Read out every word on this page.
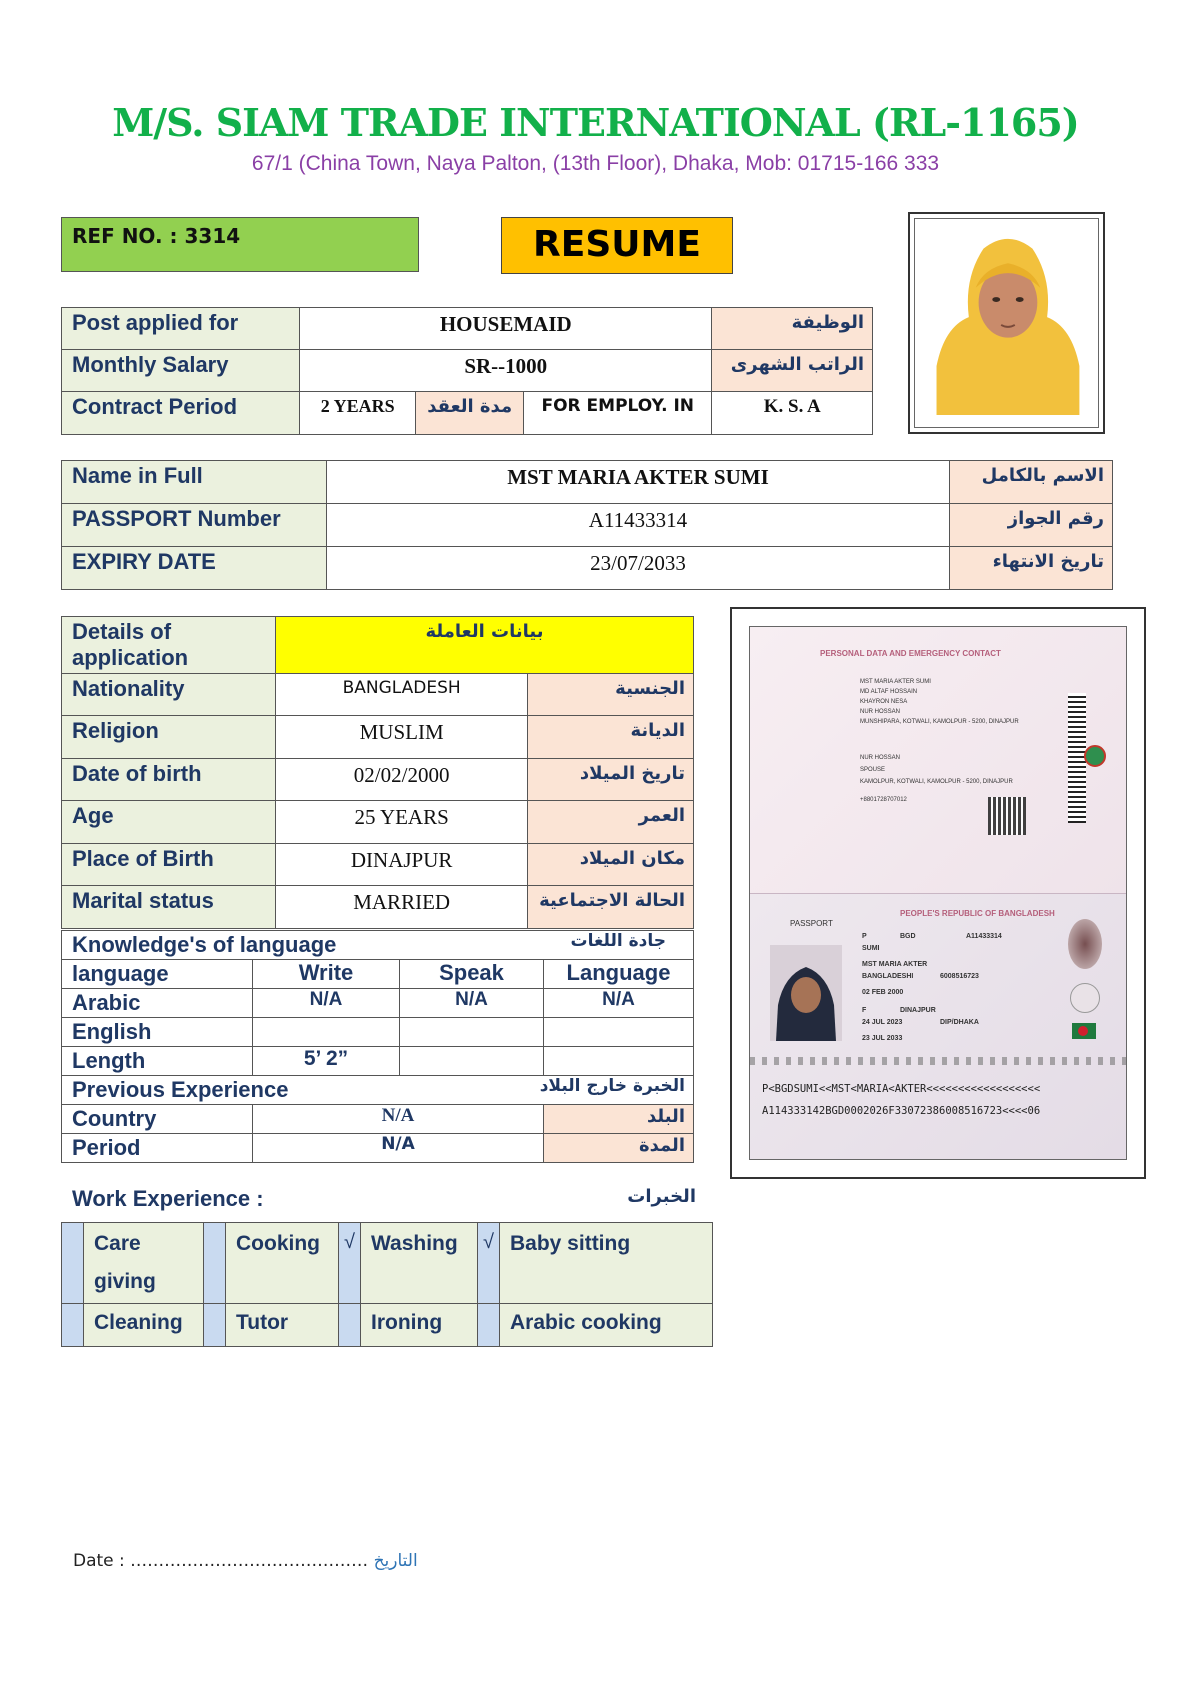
M/S. SIAM TRADE INTERNATIONAL (RL-1165)
67/1 (China Town, Naya Palton, (13th Floor), Dhaka, Mob: 01715-166 333
REF NO. : 3314	RESUME
Post applied for	HOUSEMAID			الوظيفة
Monthly Salary	SR--1000			الراتب الشهرى
Contract Period	2 YEARS	مدة العقد	FOR EMPLOY. IN	K. S. A
Name in Full	MST MARIA AKTER SUMI	الاسم بالكامل
PASSPORT Number	A11433314	رقم الجواز
EXPIRY DATE	23/07/2033	تاريخ الانتهاء
Details of application	بيانات العاملة	
Nationality	BANGLADESH	الجنسية
Religion	MUSLIM	الديانة
Date of birth	02/02/2000	تاريخ الميلاد
Age	25 YEARS	العمر
Place of Birth	DINAJPUR	مكان الميلاد
Marital status	MARRIED	الحالة الاجتماعية
Knowledge's of language			جادة اللغات
language	Write	Speak	Language
Arabic	N/A	N/A	N/A
English			
Length	5’ 2”		
Previous Experience		الخبرة خارج البلاد	
Country	N/A		البلد
Period	N/A		المدة
PERSONAL DATA AND EMERGENCY CONTACT
MST MARIA AKTER SUMI
MD ALTAF HOSSAIN
KHAYRON NESA
NUR HOSSAN
MUNSHIPARA, KOTWALI, KAMOLPUR - 5200, DINAJPUR
NUR HOSSAN
SPOUSE
KAMOLPUR, KOTWALI, KAMOLPUR - 5200, DINAJPUR
+8801728707012
PEOPLE'S REPUBLIC OF BANGLADESH
PASSPORT
P	BGD	A11433314
SUMI
MST MARIA AKTER
BANGLADESHI	6008516723
02 FEB 2000
F	DINAJPUR
24 JUL 2023	DIP/DHAKA
23 JUL 2033
P<BGDSUMI<<MST<MARIA<AKTER<<<<<<<<<<<<<<<<<<
A114333142BGD0002026F33072386008516723<<<<06
Work Experience :	الخبرات
	Care giving		Cooking	√	Washing	√	Baby sitting
	Cleaning		Tutor		Ironing		Arabic cooking
Date : …………………………………… التاريخ
